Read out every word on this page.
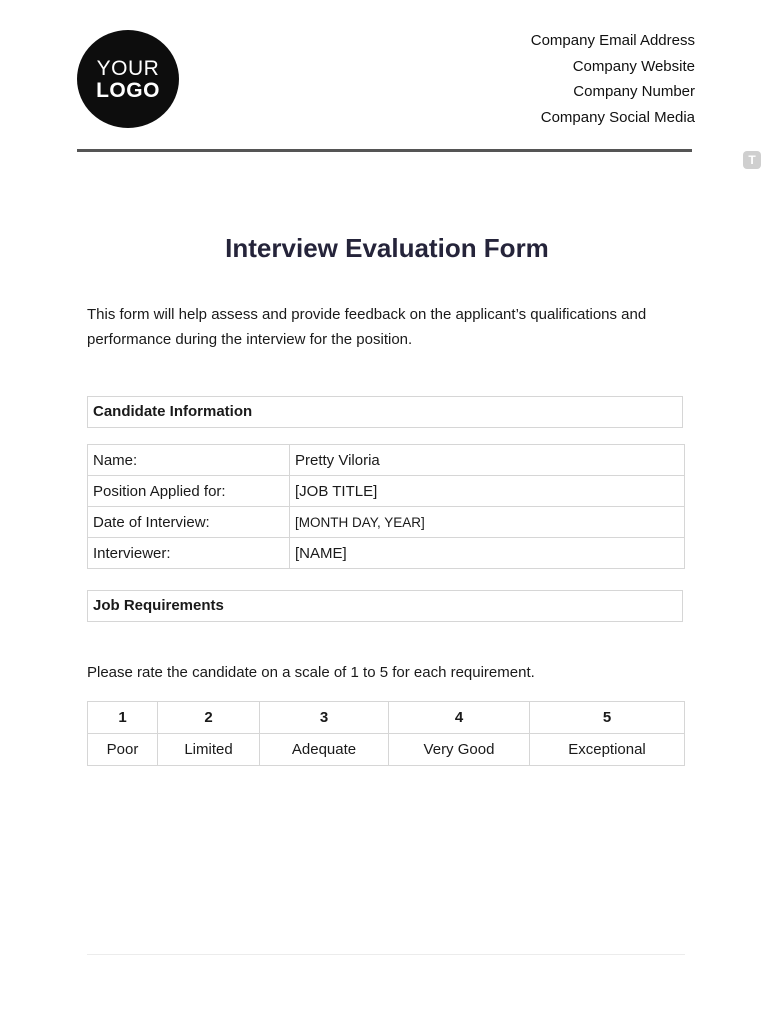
YOUR
LOGO
Company Email Address
Company Website
Company Number
Company Social Media
T
Interview Evaluation Form
This form will help assess and provide feedback on the applicant’s qualifications and performance during the interview for the position.
Candidate Information
Name:	Pretty Viloria
Position Applied for:	[JOB TITLE]
Date of Interview:	[MONTH DAY, YEAR]
Interviewer:	[NAME]
Job Requirements
Please rate the candidate on a scale of 1 to 5 for each requirement.
1	2	3	4	5
Poor	Limited	Adequate	Very Good	Exceptional
